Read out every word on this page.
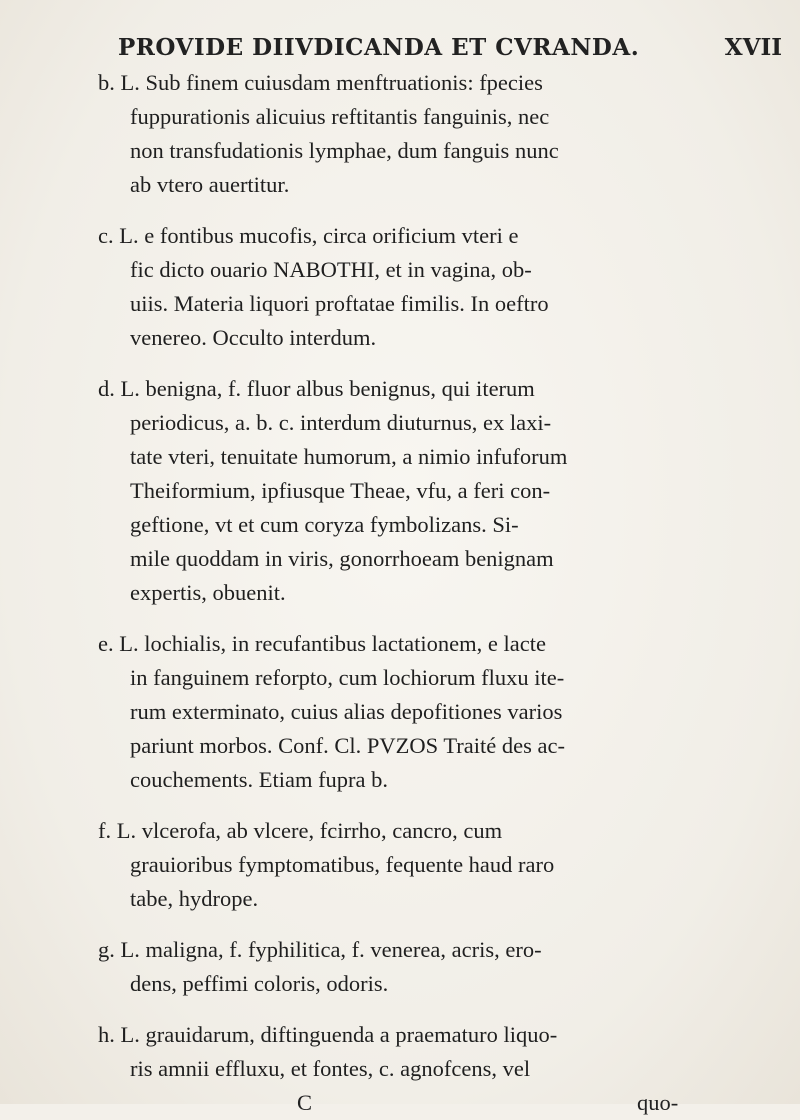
PROVIDE DIIVDICANDA ET CVRANDA.	XVII
b. L. Sub finem cuiusdam menftruationis: fpecies
fuppurationis alicuius reftitantis fanguinis, nec
non transfudationis lymphae, dum fanguis nunc
ab vtero auertitur.
c. L. e fontibus mucofis, circa orificium vteri e
fic dicto ouario NABOTHI, et in vagina, ob-
uiis. Materia liquori proftatae fimilis. In oeftro
venereo. Occulto interdum.
d. L. benigna, f. fluor albus benignus, qui iterum
periodicus, a. b. c. interdum diuturnus, ex laxi-
tate vteri, tenuitate humorum, a nimio infuforum
Theiformium, ipfiusque Theae, vfu, a feri con-
geftione, vt et cum coryza fymbolizans. Si-
mile quoddam in viris, gonorrhoeam benignam
expertis, obuenit.
e. L. lochialis, in recufantibus lactationem, e lacte
in fanguinem reforpto, cum lochiorum fluxu ite-
rum exterminato, cuius alias depofitiones varios
pariunt morbos. Conf. Cl. PVZOS Traité des ac-
couchements. Etiam fupra b.
f. L. vlcerofa, ab vlcere, fcirrho, cancro, cum
grauioribus fymptomatibus, fequente haud raro
tabe, hydrope.
g. L. maligna, f. fyphilitica, f. venerea, acris, ero-
dens, peffimi coloris, odoris.
h. L. grauidarum, diftinguenda a praematuro liquo-
ris amnii effluxu, et fontes, c. agnofcens, vel
C	quo-
